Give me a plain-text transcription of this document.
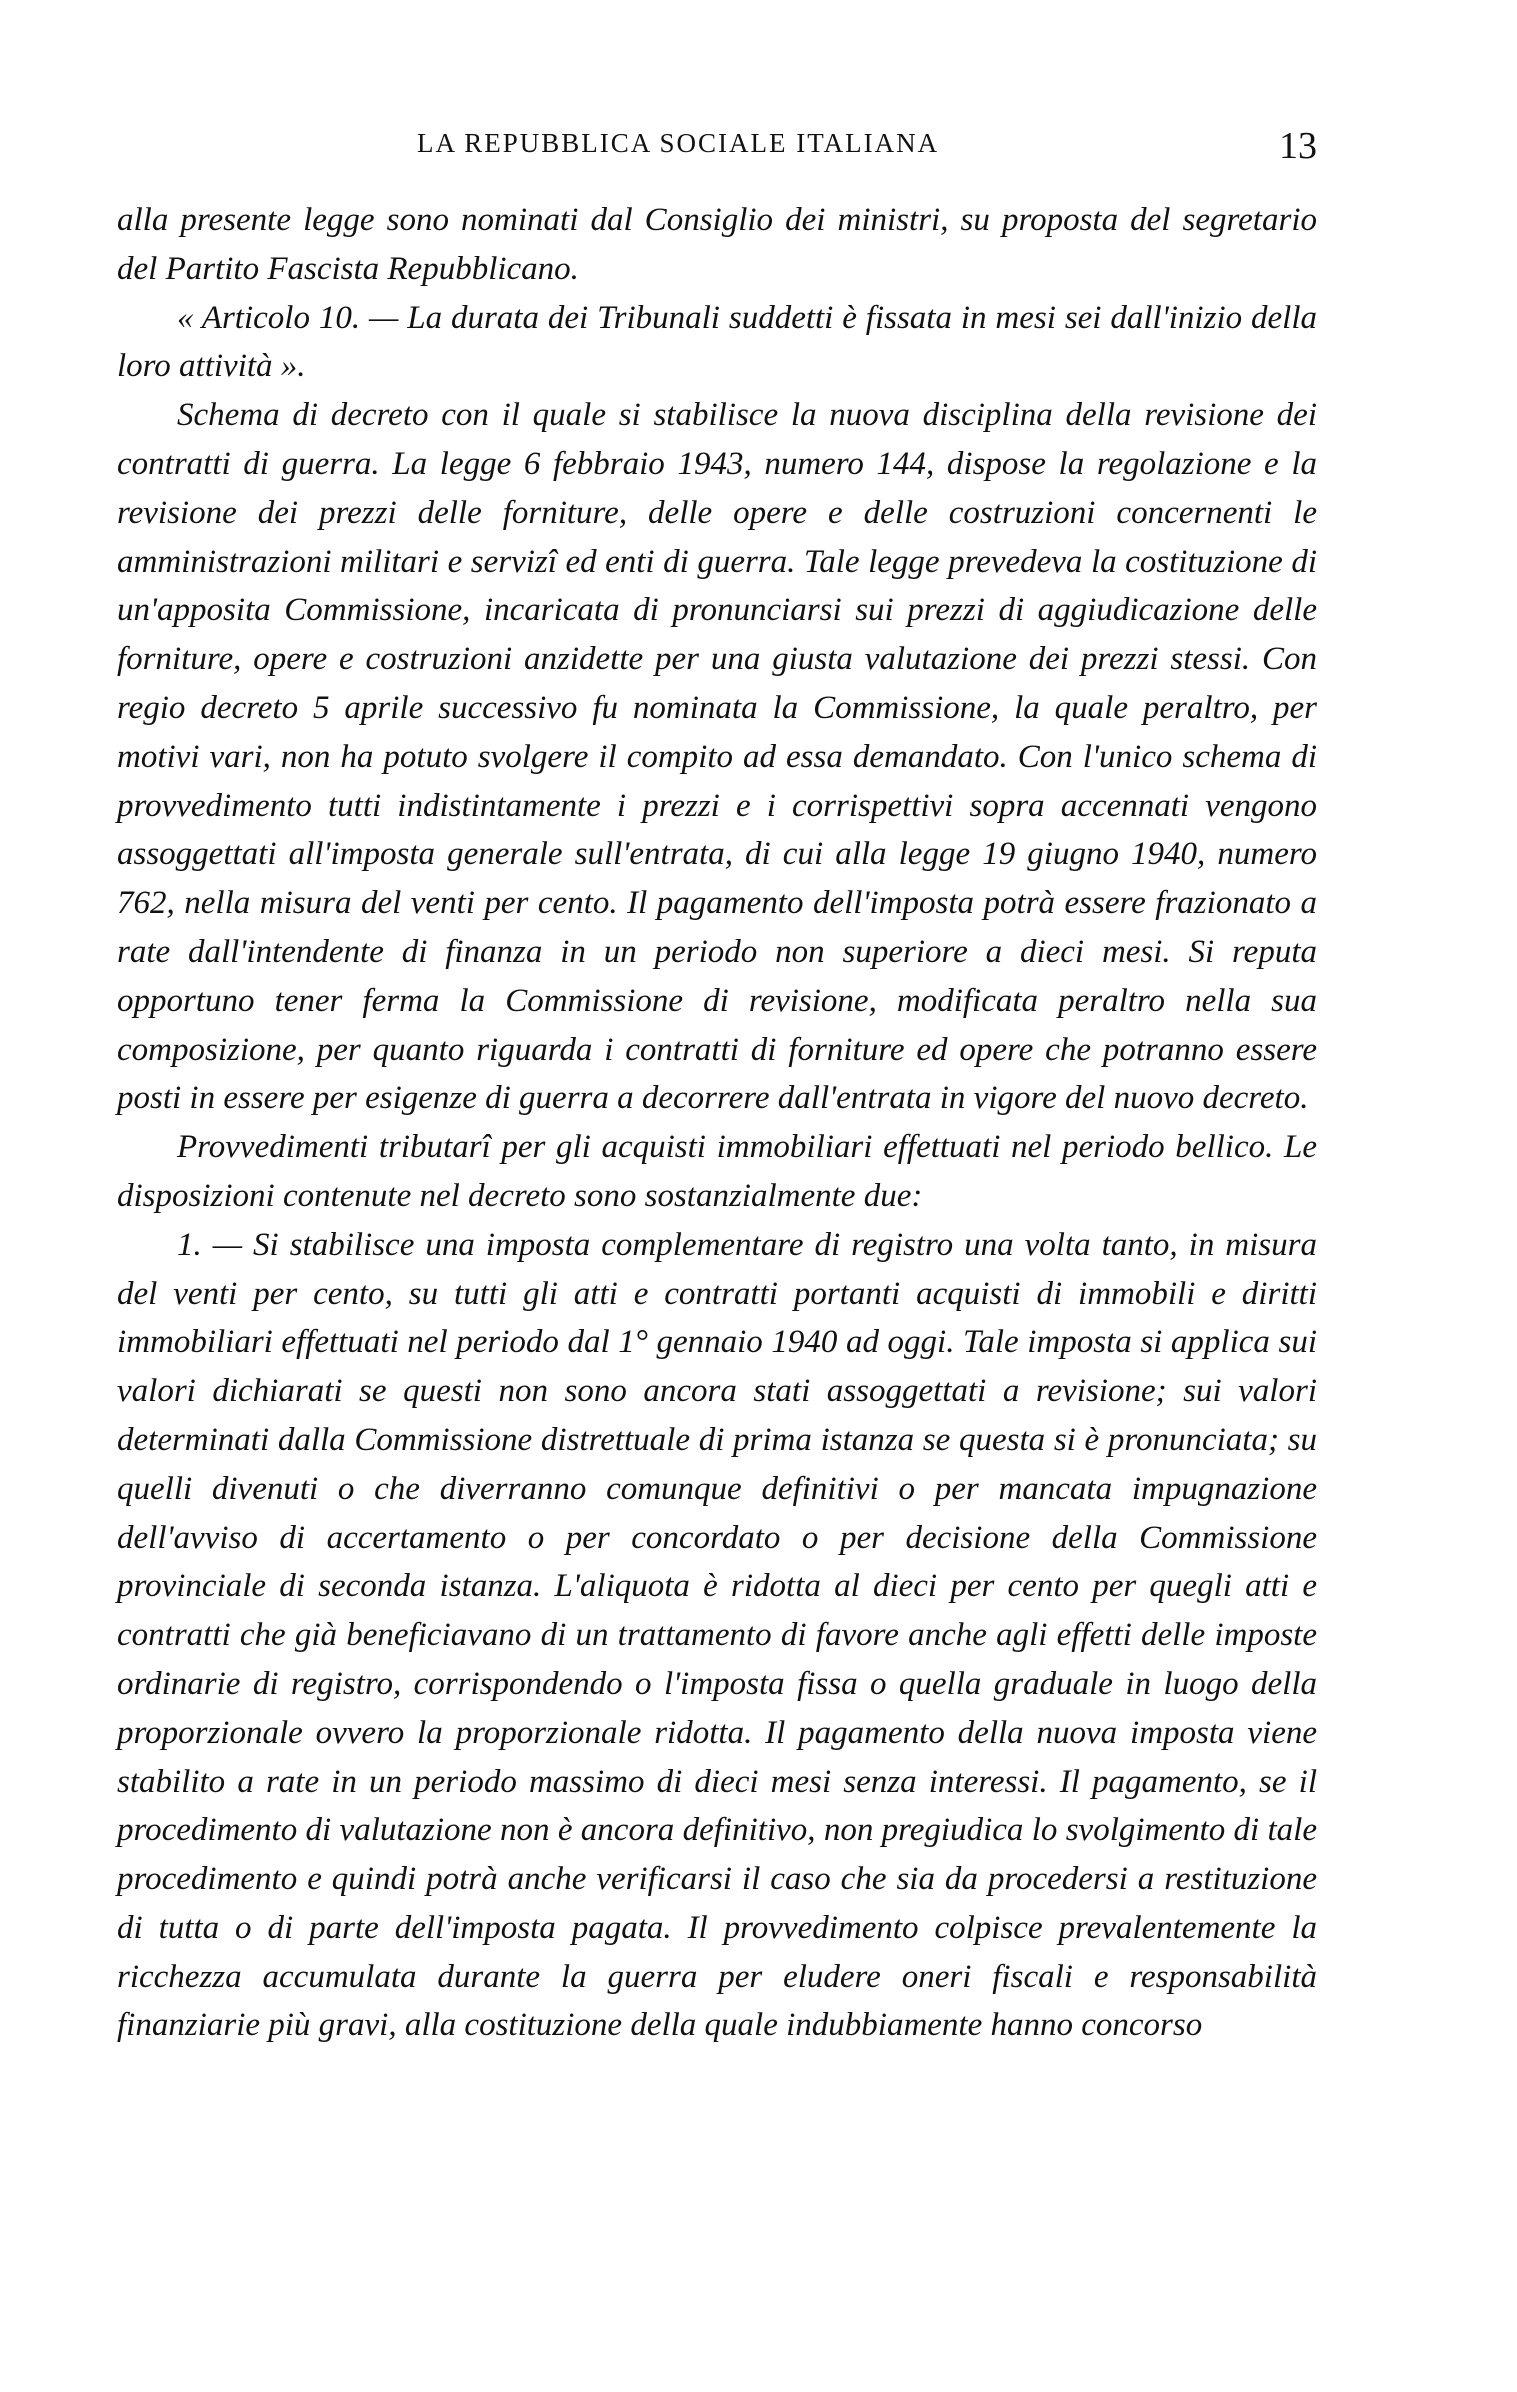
LA REPUBBLICA SOCIALE ITALIANA	13

alla presente legge sono nominati dal Consiglio dei ministri, su proposta del segretario del Partito Fascista Repubblicano.

« Articolo 10. — La durata dei Tribunali suddetti è fissata in mesi sei dall'inizio della loro attività ».

Schema di decreto con il quale si stabilisce la nuova disciplina della revisione dei contratti di guerra. La legge 6 febbraio 1943, numero 144, dispose la regolazione e la revisione dei prezzi delle forniture, delle opere e delle costruzioni concernenti le amministrazioni militari e servizî ed enti di guerra. Tale legge prevedeva la costituzione di un'apposita Commissione, incaricata di pronunciarsi sui prezzi di aggiudicazione delle forniture, opere e costruzioni anzidette per una giusta valutazione dei prezzi stessi. Con regio decreto 5 aprile successivo fu nominata la Commissione, la quale peraltro, per motivi vari, non ha potuto svolgere il compito ad essa demandato. Con l'unico schema di provvedimento tutti indistintamente i prezzi e i corrispettivi sopra accennati vengono assoggettati all'imposta generale sull'entrata, di cui alla legge 19 giugno 1940, numero 762, nella misura del venti per cento. Il pagamento dell'imposta potrà essere frazionato a rate dall'intendente di finanza in un periodo non superiore a dieci mesi. Si reputa opportuno tener ferma la Commissione di revisione, modificata peraltro nella sua composizione, per quanto riguarda i contratti di forniture ed opere che potranno essere posti in essere per esigenze di guerra a decorrere dall'entrata in vigore del nuovo decreto.

Provvedimenti tributarî per gli acquisti immobiliari effettuati nel periodo bellico. Le disposizioni contenute nel decreto sono sostanzialmente due:

1. — Si stabilisce una imposta complementare di registro una volta tanto, in misura del venti per cento, su tutti gli atti e contratti portanti acquisti di immobili e diritti immobiliari effettuati nel periodo dal 1° gennaio 1940 ad oggi. Tale imposta si applica sui valori dichiarati se questi non sono ancora stati assoggettati a revisione; sui valori determinati dalla Commissione distrettuale di prima istanza se questa si è pronunciata; su quelli divenuti o che diverranno comunque definitivi o per mancata impugnazione dell'avviso di accertamento o per concordato o per decisione della Commissione provinciale di seconda istanza. L'aliquota è ridotta al dieci per cento per quegli atti e contratti che già beneficiavano di un trattamento di favore anche agli effetti delle imposte ordinarie di registro, corrispondendo o l'imposta fissa o quella graduale in luogo della proporzionale ovvero la proporzionale ridotta. Il pagamento della nuova imposta viene stabilito a rate in un periodo massimo di dieci mesi senza interessi. Il pagamento, se il procedimento di valutazione non è ancora definitivo, non pregiudica lo svolgimento di tale procedimento e quindi potrà anche verificarsi il caso che sia da procedersi a restituzione di tutta o di parte dell'imposta pagata. Il provvedimento colpisce prevalentemente la ricchezza accumulata durante la guerra per eludere oneri fiscali e responsabilità finanziarie più gravi, alla costituzione della quale indubbiamente hanno concorso
